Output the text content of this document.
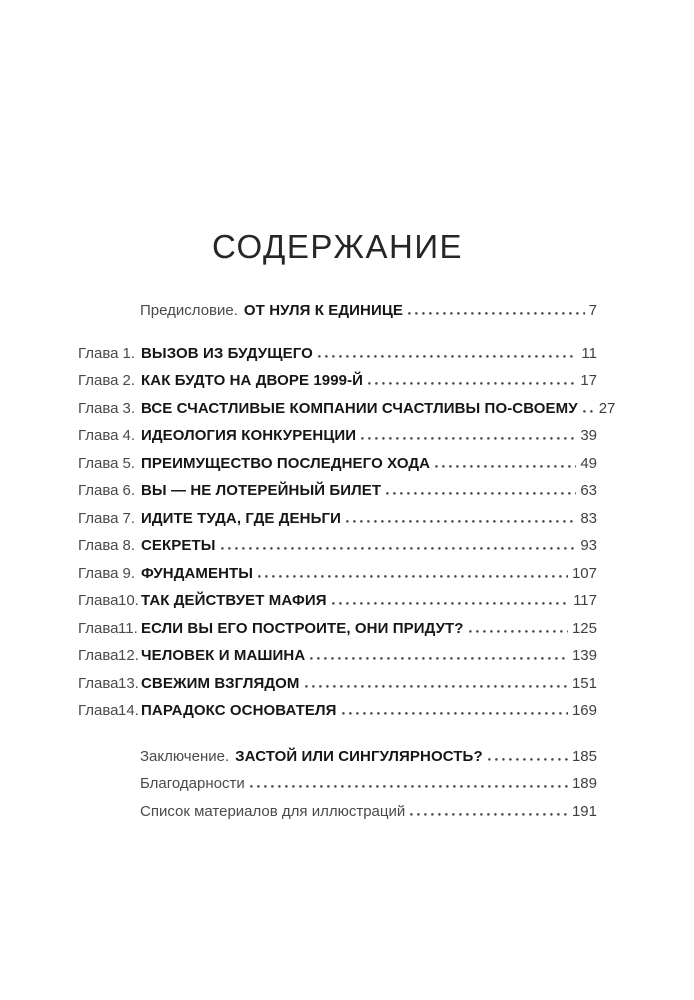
СОДЕРЖАНИЕ
Предисловие. ОТ НУЛЯ К ЕДИНИЦЕ	7
Глава 1. ВЫЗОВ ИЗ БУДУЩЕГО	11
Глава 2. КАК БУДТО НА ДВОРЕ 1999-Й	17
Глава 3. ВСЕ СЧАСТЛИВЫЕ КОМПАНИИ СЧАСТЛИВЫ ПО-СВОЕМУ 27
Глава 4. ИДЕОЛОГИЯ КОНКУРЕНЦИИ	39
Глава 5. ПРЕИМУЩЕСТВО ПОСЛЕДНЕГО ХОДА	49
Глава 6. ВЫ — НЕ ЛОТЕРЕЙНЫЙ БИЛЕТ	63
Глава 7. ИДИТЕ ТУДА, ГДЕ ДЕНЬГИ	83
Глава 8. СЕКРЕТЫ	93
Глава 9. ФУНДАМЕНТЫ	107
Глава 10. ТАК ДЕЙСТВУЕТ МАФИЯ	117
Глава 11. ЕСЛИ ВЫ ЕГО ПОСТРОИТЕ, ОНИ ПРИДУТ?	125
Глава 12. ЧЕЛОВЕК И МАШИНА	139
Глава 13. СВЕЖИМ ВЗГЛЯДОМ	151
Глава 14. ПАРАДОКС ОСНОВАТЕЛЯ	169
Заключение. ЗАСТОЙ ИЛИ СИНГУЛЯРНОСТЬ?	185
Благодарности	189
Список материалов для иллюстраций	191
